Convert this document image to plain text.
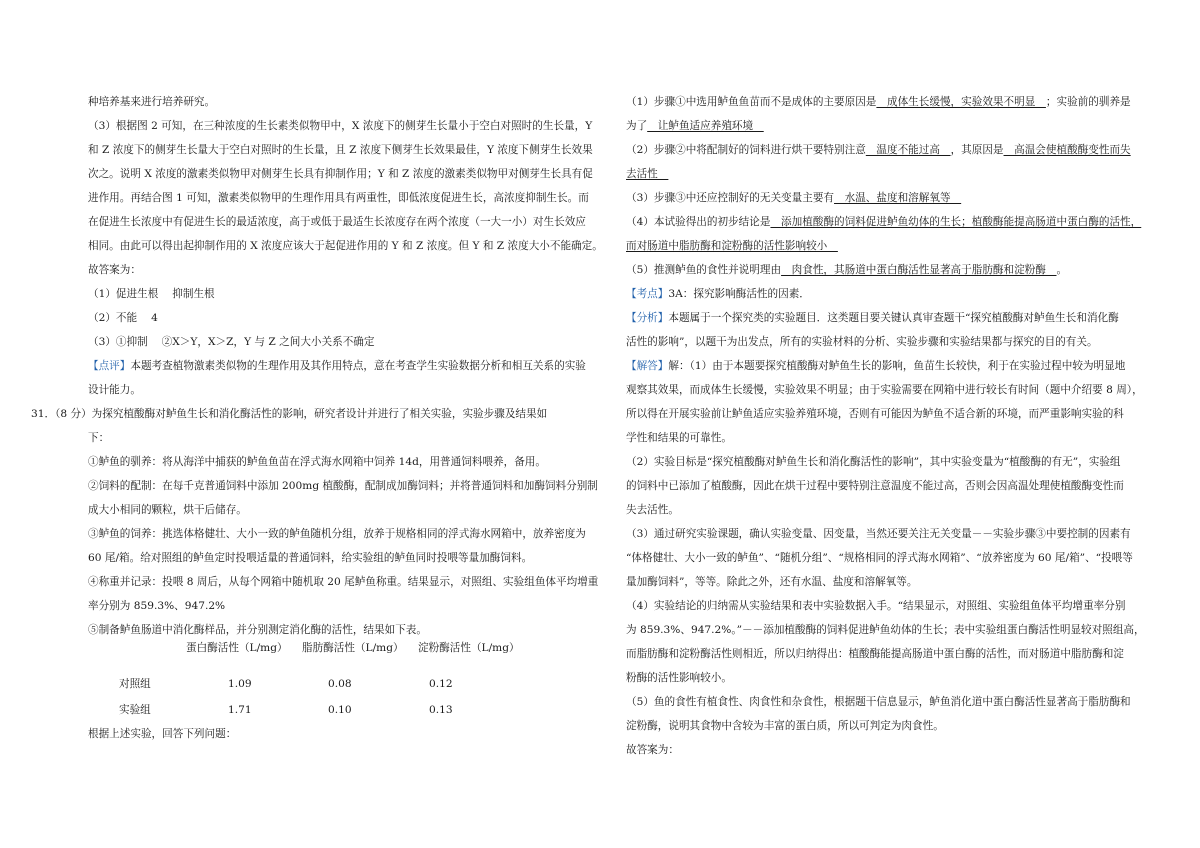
种培养基来进行培养研究。
（3）根据图 2 可知，在三种浓度的生长素类似物甲中，X 浓度下的侧芽生长量小于空白对照时的生长量，Y
和 Z 浓度下的侧芽生长量大于空白对照时的生长量，且 Z 浓度下侧芽生长效果最佳，Y 浓度下侧芽生长效果
次之。说明 X 浓度的激素类似物甲对侧芽生长具有抑制作用；Y 和 Z 浓度的激素类似物甲对侧芽生长具有促
进作用。再结合图 1 可知，激素类似物甲的生理作用具有两重性，即低浓度促进生长，高浓度抑制生长。而
在促进生长浓度中有促进生长的最适浓度，高于或低于最适生长浓度存在两个浓度（一大一小）对生长效应
相同。由此可以得出起抑制作用的 X 浓度应该大于起促进作用的 Y 和 Z 浓度。但 Y 和 Z 浓度大小不能确定。
故答案为：
（1）促进生根　 抑制生根
（2）不能　 4
（3）①抑制　 ②X＞Y，X＞Z，Y 与 Z 之间大小关系不确定
【点评】本题考查植物激素类似物的生理作用及其作用特点，意在考查学生实验数据分析和相互关系的实验
设计能力。
31．（8 分）为探究植酸酶对鲈鱼生长和消化酶活性的影响，研究者设计并进行了相关实验，实验步骤及结果如
下：
①鲈鱼的驯养：将从海洋中捕获的鲈鱼鱼苗在浮式海水网箱中饲养 14d，用普通饲料喂养，备用。
②饲料的配制：在每千克普通饲料中添加 200mg 植酸酶，配制成加酶饲料；并将普通饲料和加酶饲料分别制
成大小相同的颗粒，烘干后储存。
③鲈鱼的饲养：挑选体格健壮、大小一致的鲈鱼随机分组，放养于规格相同的浮式海水网箱中，放养密度为
60 尾/箱。给对照组的鲈鱼定时投喂适量的普通饲料，给实验组的鲈鱼同时投喂等量加酶饲料。
④称重并记录：投喂 8 周后，从每个网箱中随机取 20 尾鲈鱼称重。结果显示，对照组、实验组鱼体平均增重
率分别为 859.3%、947.2%
⑤制备鲈鱼肠道中消化酶样品，并分别测定消化酶的活性，结果如下表。
蛋白酶活性（L/mg） 脂肪酶活性（L/mg） 淀粉酶活性（L/mg）
对照组	1.09	0.08	0.12
实验组	1.71	0.10	0.13
根据上述实验，回答下列问题：
（1）步骤①中选用鲈鱼鱼苗而不是成体的主要原因是　成体生长缓慢，实验效果不明显　；实验前的驯养是
为了　让鲈鱼适应养殖环境　
（2）步骤②中将配制好的饲料进行烘干要特别注意　温度不能过高　，其原因是　高温会使植酸酶变性而失
去活性　
（3）步骤③中还应控制好的无关变量主要有　水温、盐度和溶解氧等　
（4）本试验得出的初步结论是　添加植酸酶的饲料促进鲈鱼幼体的生长；植酸酶能提高肠道中蛋白酶的活性，
而对肠道中脂肪酶和淀粉酶的活性影响较小　
（5）推测鲈鱼的食性并说明理由　肉食性，其肠道中蛋白酶活性显著高于脂肪酶和淀粉酶　。
【考点】3A：探究影响酶活性的因素．
【分析】本题属于一个探究类的实验题目．这类题目要关键认真审查题干“探究植酸酶对鲈鱼生长和消化酶
活性的影响”，以题干为出发点，所有的实验材料的分析、实验步骤和实验结果都与探究的目的有关。
【解答】解：（1）由于本题要探究植酸酶对鲈鱼生长的影响，鱼苗生长较快，利于在实验过程中较为明显地
观察其效果，而成体生长缓慢，实验效果不明显；由于实验需要在网箱中进行较长有时间（题中介绍要 8 周），
所以得在开展实验前让鲈鱼适应实验养殖环境，否则有可能因为鲈鱼不适合新的环境，而严重影响实验的科
学性和结果的可靠性。
（2）实验目标是“探究植酸酶对鲈鱼生长和消化酶活性的影响”，其中实验变量为“植酸酶的有无”，实验组
的饲料中已添加了植酸酶，因此在烘干过程中要特别注意温度不能过高，否则会因高温处理使植酸酶变性而
失去活性。
（3）通过研究实验课题，确认实验变量、因变量，当然还要关注无关变量－－实验步骤③中要控制的因素有
“体格健壮、大小一致的鲈鱼”、“随机分组”、“规格相同的浮式海水网箱”、“放养密度为 60 尾/箱”、“投喂等
量加酶饲料”，等等。除此之外，还有水温、盐度和溶解氧等。
（4）实验结论的归纳需从实验结果和表中实验数据入手。“结果显示，对照组、实验组鱼体平均增重率分别
为 859.3%、947.2%。”－－添加植酸酶的饲料促进鲈鱼幼体的生长；表中实验组蛋白酶活性明显较对照组高，
而脂肪酶和淀粉酶活性则相近，所以归纳得出：植酸酶能提高肠道中蛋白酶的活性，而对肠道中脂肪酶和淀
粉酶的活性影响较小。
（5）鱼的食性有植食性、肉食性和杂食性，根据题干信息显示，鲈鱼消化道中蛋白酶活性显著高于脂肪酶和
淀粉酶，说明其食物中含较为丰富的蛋白质，所以可判定为肉食性。
故答案为：
